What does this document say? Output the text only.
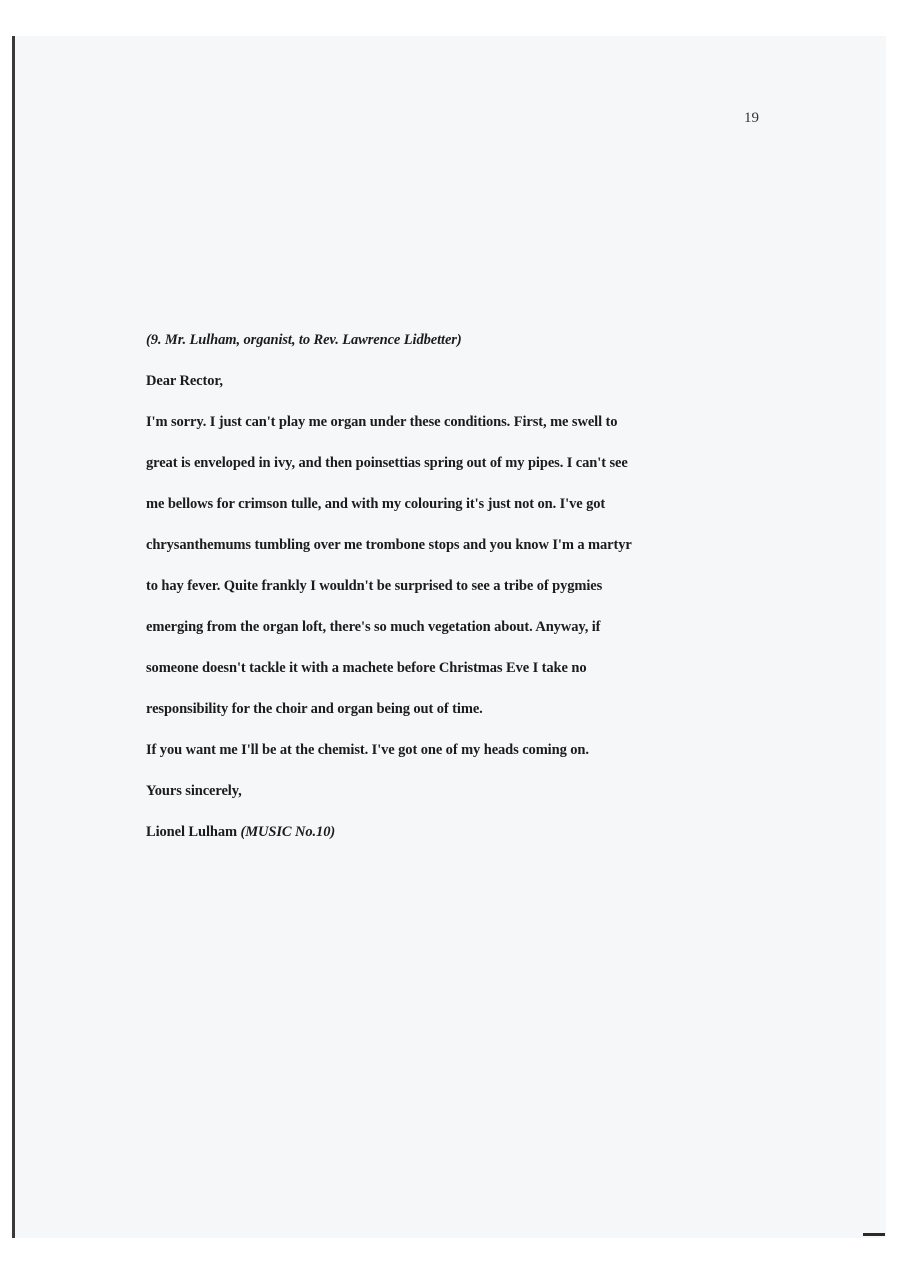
19
(9. Mr. Lulham, organist, to Rev. Lawrence Lidbetter)
Dear Rector,
I'm sorry. I just can't play me organ under these conditions. First, me swell to
great is enveloped in ivy, and then poinsettias spring out of my pipes. I can't see
me bellows for crimson tulle, and with my colouring it's just not on. I've got
chrysanthemums tumbling over me trombone stops and you know I'm a martyr
to hay fever. Quite frankly I wouldn't be surprised to see a tribe of pygmies
emerging from the organ loft, there's so much vegetation about. Anyway, if
someone doesn't tackle it with a machete before Christmas Eve I take no
responsibility for the choir and organ being out of time.
If you want me I'll be at the chemist. I've got one of my heads coming on.
Yours sincerely,
Lionel Lulham (MUSIC No.10)
